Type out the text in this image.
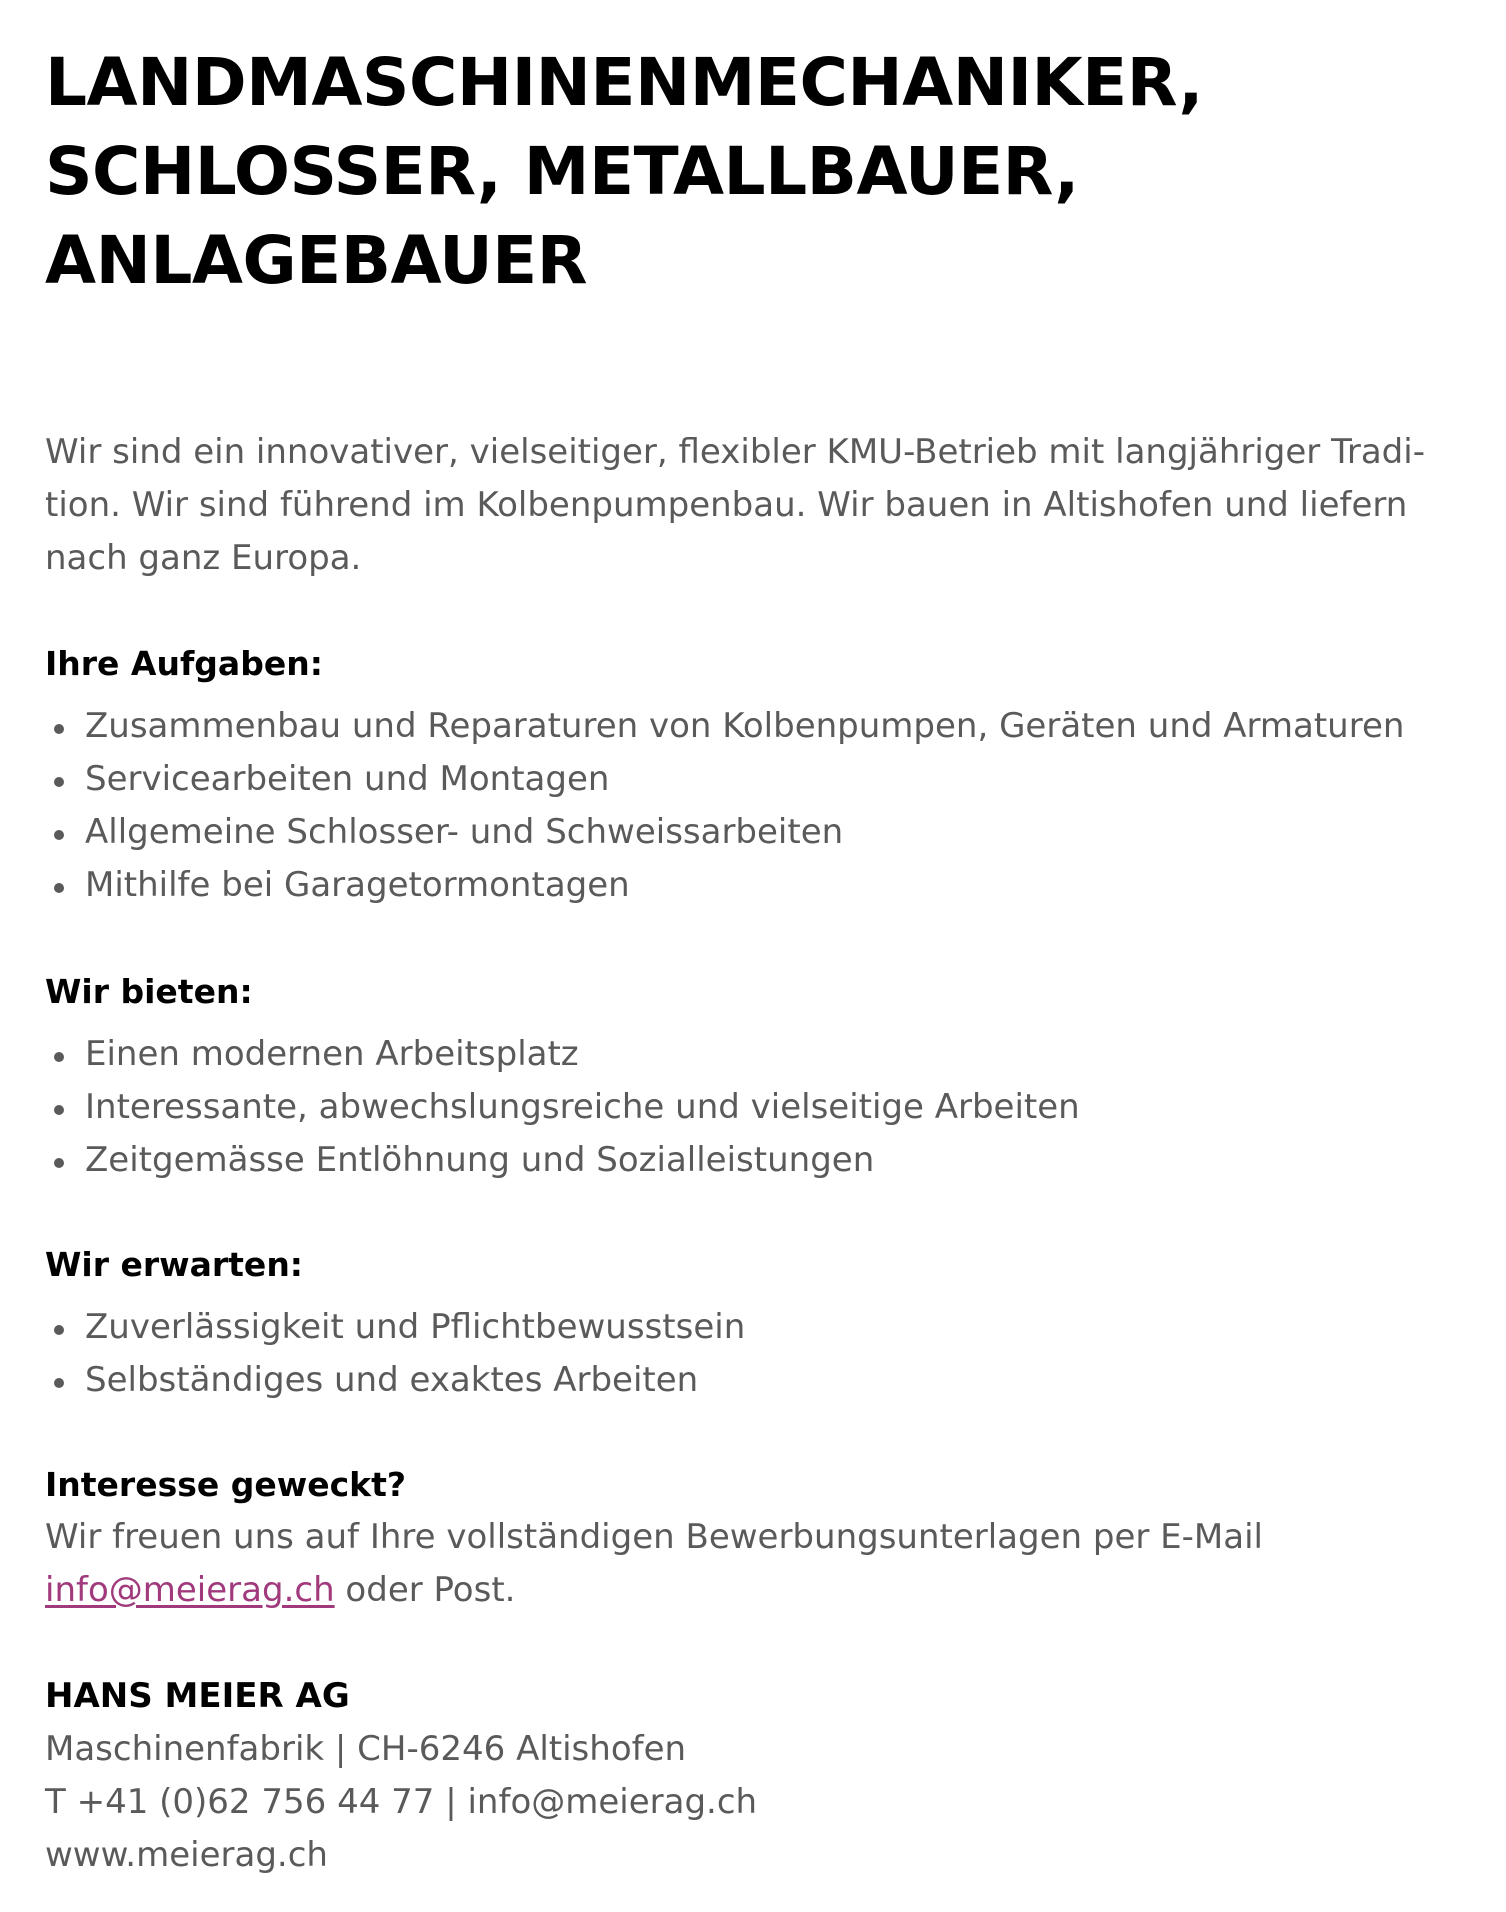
LANDMASCHINENMECHANIKER,
SCHLOSSER, METALLBAUER,
ANLAGEBAUER

Wir sind ein innovativer, vielseitiger, flexibler KMU-Betrieb mit langjähriger Tradi-
tion. Wir sind führend im Kolbenpumpenbau. Wir bauen in Altishofen und liefern
nach ganz Europa.

Ihre Aufgaben:
Zusammenbau und Reparaturen von Kolbenpumpen, Geräten und Armaturen
Servicearbeiten und Montagen
Allgemeine Schlosser- und Schweissarbeiten
Mithilfe bei Garagetormontagen
Wir bieten:
Einen modernen Arbeitsplatz
Interessante, abwechslungsreiche und vielseitige Arbeiten
Zeitgemässe Entlöhnung und Sozialleistungen
Wir erwarten:
Zuverlässigkeit und Pflichtbewusstsein
Selbständiges und exaktes Arbeiten
Interesse geweckt?

Wir freuen uns auf Ihre vollständigen Bewerbungsunterlagen per E-Mail
info@meierag.ch oder Post.

HANS MEIER AG

Maschinenfabrik | CH-6246 Altishofen

T +41 (0)62 756 44 77 | info@meierag.ch

www.meierag.ch
